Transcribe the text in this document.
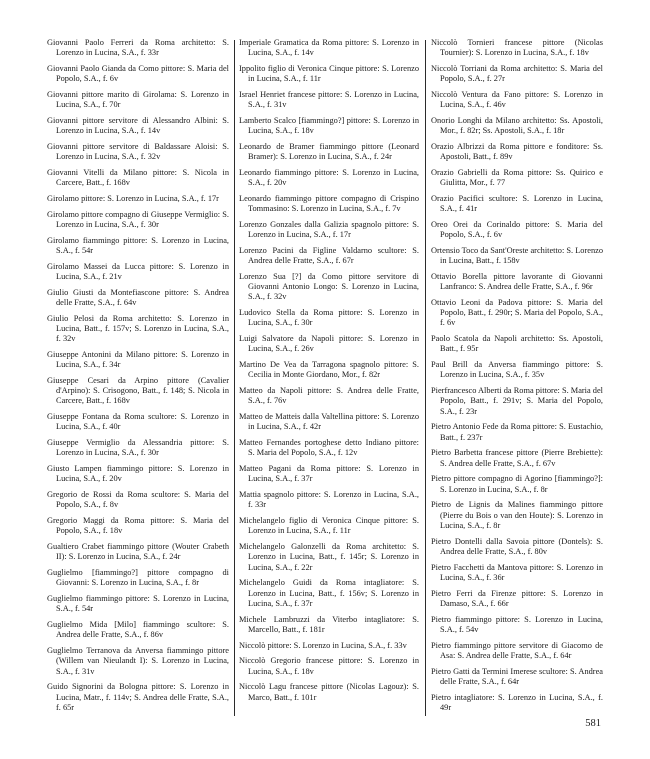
Giovanni Paolo Ferreri da Roma architetto: S. Lorenzo in Lucina, S.A., f. 33r

Giovanni Paolo Gianda da Como pittore: S. Maria del Popolo, S.A., f. 6v

Giovanni pittore marito di Girolama: S. Lorenzo in Lucina, S.A., f. 70r

Giovanni pittore servitore di Alessandro Albini: S. Lorenzo in Lucina, S.A., f. 14v

Giovanni pittore servitore di Baldassare Aloisi: S. Lorenzo in Lucina, S.A., f. 32v

Giovanni Vitelli da Milano pittore: S. Nicola in Carcere, Batt., f. 168v

Girolamo pittore: S. Lorenzo in Lucina, S.A., f. 17r

Girolamo pittore compagno di Giuseppe Vermiglio: S. Lorenzo in Lucina, S.A., f. 30r

Girolamo fiammingo pittore: S. Lorenzo in Lucina, S.A., f. 54r

Girolamo Massei da Lucca pittore: S. Lorenzo in Lucina, S.A., f. 21v

Giulio Giusti da Montefiascone pittore: S. Andrea delle Fratte, S.A., f. 64v

Giulio Pelosi da Roma architetto: S. Lorenzo in Lucina, Batt., f. 157v; S. Lorenzo in Lucina, S.A., f. 32v

Giuseppe Antonini da Milano pittore: S. Lorenzo in Lucina, S.A., f. 34r

Giuseppe Cesari da Arpino pittore (Cavalier d'Arpino): S. Crisogono, Batt., f. 148; S. Nicola in Carcere, Batt., f. 168v

Giuseppe Fontana da Roma scultore: S. Lorenzo in Lucina, S.A., f. 40r

Giuseppe Vermiglio da Alessandria pittore: S. Lorenzo in Lucina, S.A., f. 30r

Giusto Lampen fiammingo pittore: S. Lorenzo in Lucina, S.A., f. 20v

Gregorio de Rossi da Roma scultore: S. Maria del Popolo, S.A., f. 8v

Gregorio Maggi da Roma pittore: S. Maria del Popolo, S.A., f. 18v

Gualtiero Crabet fiammingo pittore (Wouter Crabeth II): S. Lorenzo in Lucina, S.A., f. 24r

Guglielmo [fiammingo?] pittore compagno di Giovanni: S. Lorenzo in Lucina, S.A., f. 8r

Guglielmo fiammingo pittore: S. Lorenzo in Lucina, S.A., f. 54r

Guglielmo Mida [Milo] fiammingo scultore: S. Andrea delle Fratte, S.A., f. 86v

Guglielmo Terranova da Anversa fiammingo pittore (Willem van Nieulandt I): S. Lorenzo in Lucina, S.A., f. 31v

Guido Signorini da Bologna pittore: S. Lorenzo in Lucina, Matr., f. 114v; S. Andrea delle Fratte, S.A., f. 65r

Imperiale Gramatica da Roma pittore: S. Lorenzo in Lucina, S.A., f. 14v

Ippolito figlio di Veronica Cinque pittore: S. Lorenzo in Lucina, S.A., f. 11r

Israel Henriet francese pittore: S. Lorenzo in Lucina, S.A., f. 31v

Lamberto Scalco [fiammingo?] pittore: S. Lorenzo in Lucina, S.A., f. 18v

Leonardo de Bramer fiammingo pittore (Leonard Bramer): S. Lorenzo in Lucina, S.A., f. 24r

Leonardo fiammingo pittore: S. Lorenzo in Lucina, S.A., f. 20v

Leonardo fiammingo pittore compagno di Crispino Tommasino: S. Lorenzo in Lucina, S.A., f. 7v

Lorenzo Gonzales dalla Galizia spagnolo pittore: S. Lorenzo in Lucina, S.A., f. 17r

Lorenzo Pacini da Figline Valdarno scultore: S. Andrea delle Fratte, S.A., f. 67r

Lorenzo Sua [?] da Como pittore servitore di Giovanni Antonio Longo: S. Lorenzo in Lucina, S.A., f. 32v

Ludovico Stella da Roma pittore: S. Lorenzo in Lucina, S.A., f. 30r

Luigi Salvatore da Napoli pittore: S. Lorenzo in Lucina, S.A., f. 26v

Martino De Vea da Tarragona spagnolo pittore: S. Cecilia in Monte Giordano, Mor., f. 82r

Matteo da Napoli pittore: S. Andrea delle Fratte, S.A., f. 76v

Matteo de Matteis dalla Valtellina pittore: S. Lorenzo in Lucina, S.A., f. 42r

Matteo Fernandes portoghese detto Indiano pittore: S. Maria del Popolo, S.A., f. 12v

Matteo Pagani da Roma pittore: S. Lorenzo in Lucina, S.A., f. 37r

Mattia spagnolo pittore: S. Lorenzo in Lucina, S.A., f. 33r

Michelangelo figlio di Veronica Cinque pittore: S. Lorenzo in Lucina, S.A., f. 11r

Michelangelo Galonzelli da Roma architetto: S. Lorenzo in Lucina, Batt., f. 145r; S. Lorenzo in Lucina, S.A., f. 22r

Michelangelo Guidi da Roma intagliatore: S. Lorenzo in Lucina, Batt., f. 156v; S. Lorenzo in Lucina, S.A., f. 37r

Michele Lambruzzi da Viterbo intagliatore: S. Marcello, Batt., f. 181r

Niccolò pittore: S. Lorenzo in Lucina, S.A., f. 33v

Niccolò Gregorio francese pittore: S. Lorenzo in Lucina, S.A., f. 18v

Niccolò Lagu francese pittore (Nicolas Lagouz): S. Marco, Batt., f. 101r

Niccolò Tornieri francese pittore (Nicolas Tournier): S. Lorenzo in Lucina, S.A., f. 18v

Niccolò Torriani da Roma architetto: S. Maria del Popolo, S.A., f. 27r

Niccolò Ventura da Fano pittore: S. Lorenzo in Lucina, S.A., f. 46v

Onorio Longhi da Milano architetto: Ss. Apostoli, Mor., f. 82r; Ss. Apostoli, S.A., f. 18r

Orazio Albrizzi da Roma pittore e fonditore: Ss. Apostoli, Batt., f. 89v

Orazio Gabrielli da Roma pittore: Ss. Quirico e Giulitta, Mor., f. 77

Orazio Pacifici scultore: S. Lorenzo in Lucina, S.A., f. 41r

Oreo Orei da Corinaldo pittore: S. Maria del Popolo, S.A., f. 6v

Ortensio Toco da Sant'Oreste architetto: S. Lorenzo in Lucina, Batt., f. 158v

Ottavio Borella pittore lavorante di Giovanni Lanfranco: S. Andrea delle Fratte, S.A., f. 96r

Ottavio Leoni da Padova pittore: S. Maria del Popolo, Batt., f. 290r; S. Maria del Popolo, S.A., f. 6v

Paolo Scatola da Napoli architetto: Ss. Apostoli, Batt., f. 95r

Paul Brill da Anversa fiammingo pittore: S. Lorenzo in Lucina, S.A., f. 35v

Pierfrancesco Alberti da Roma pittore: S. Maria del Popolo, Batt., f. 291v; S. Maria del Popolo, S.A., f. 23r

Pietro Antonio Fede da Roma pittore: S. Eustachio, Batt., f. 237r

Pietro Barbetta francese pittore (Pierre Brebiette): S. Andrea delle Fratte, S.A., f. 67v

Pietro pittore compagno di Agorino [fiammingo?]: S. Lorenzo in Lucina, S.A., f. 8r

Pietro de Lignis da Malines fiammingo pittore (Pierre du Bois o van den Houte): S. Lorenzo in Lucina, S.A., f. 8r

Pietro Dontelli dalla Savoia pittore (Dontels): S. Andrea delle Fratte, S.A., f. 80v

Pietro Facchetti da Mantova pittore: S. Lorenzo in Lucina, S.A., f. 36r

Pietro Ferri da Firenze pittore: S. Lorenzo in Damaso, S.A., f. 66r

Pietro fiammingo pittore: S. Lorenzo in Lucina, S.A., f. 54v

Pietro fiammingo pittore servitore di Giacomo de Asa: S. Andrea delle Fratte, S.A., f. 64r

Pietro Gatti da Termini Imerese scultore: S. Andrea delle Fratte, S.A., f. 64r

Pietro intagliatore: S. Lorenzo in Lucina, S.A., f. 49r

581
